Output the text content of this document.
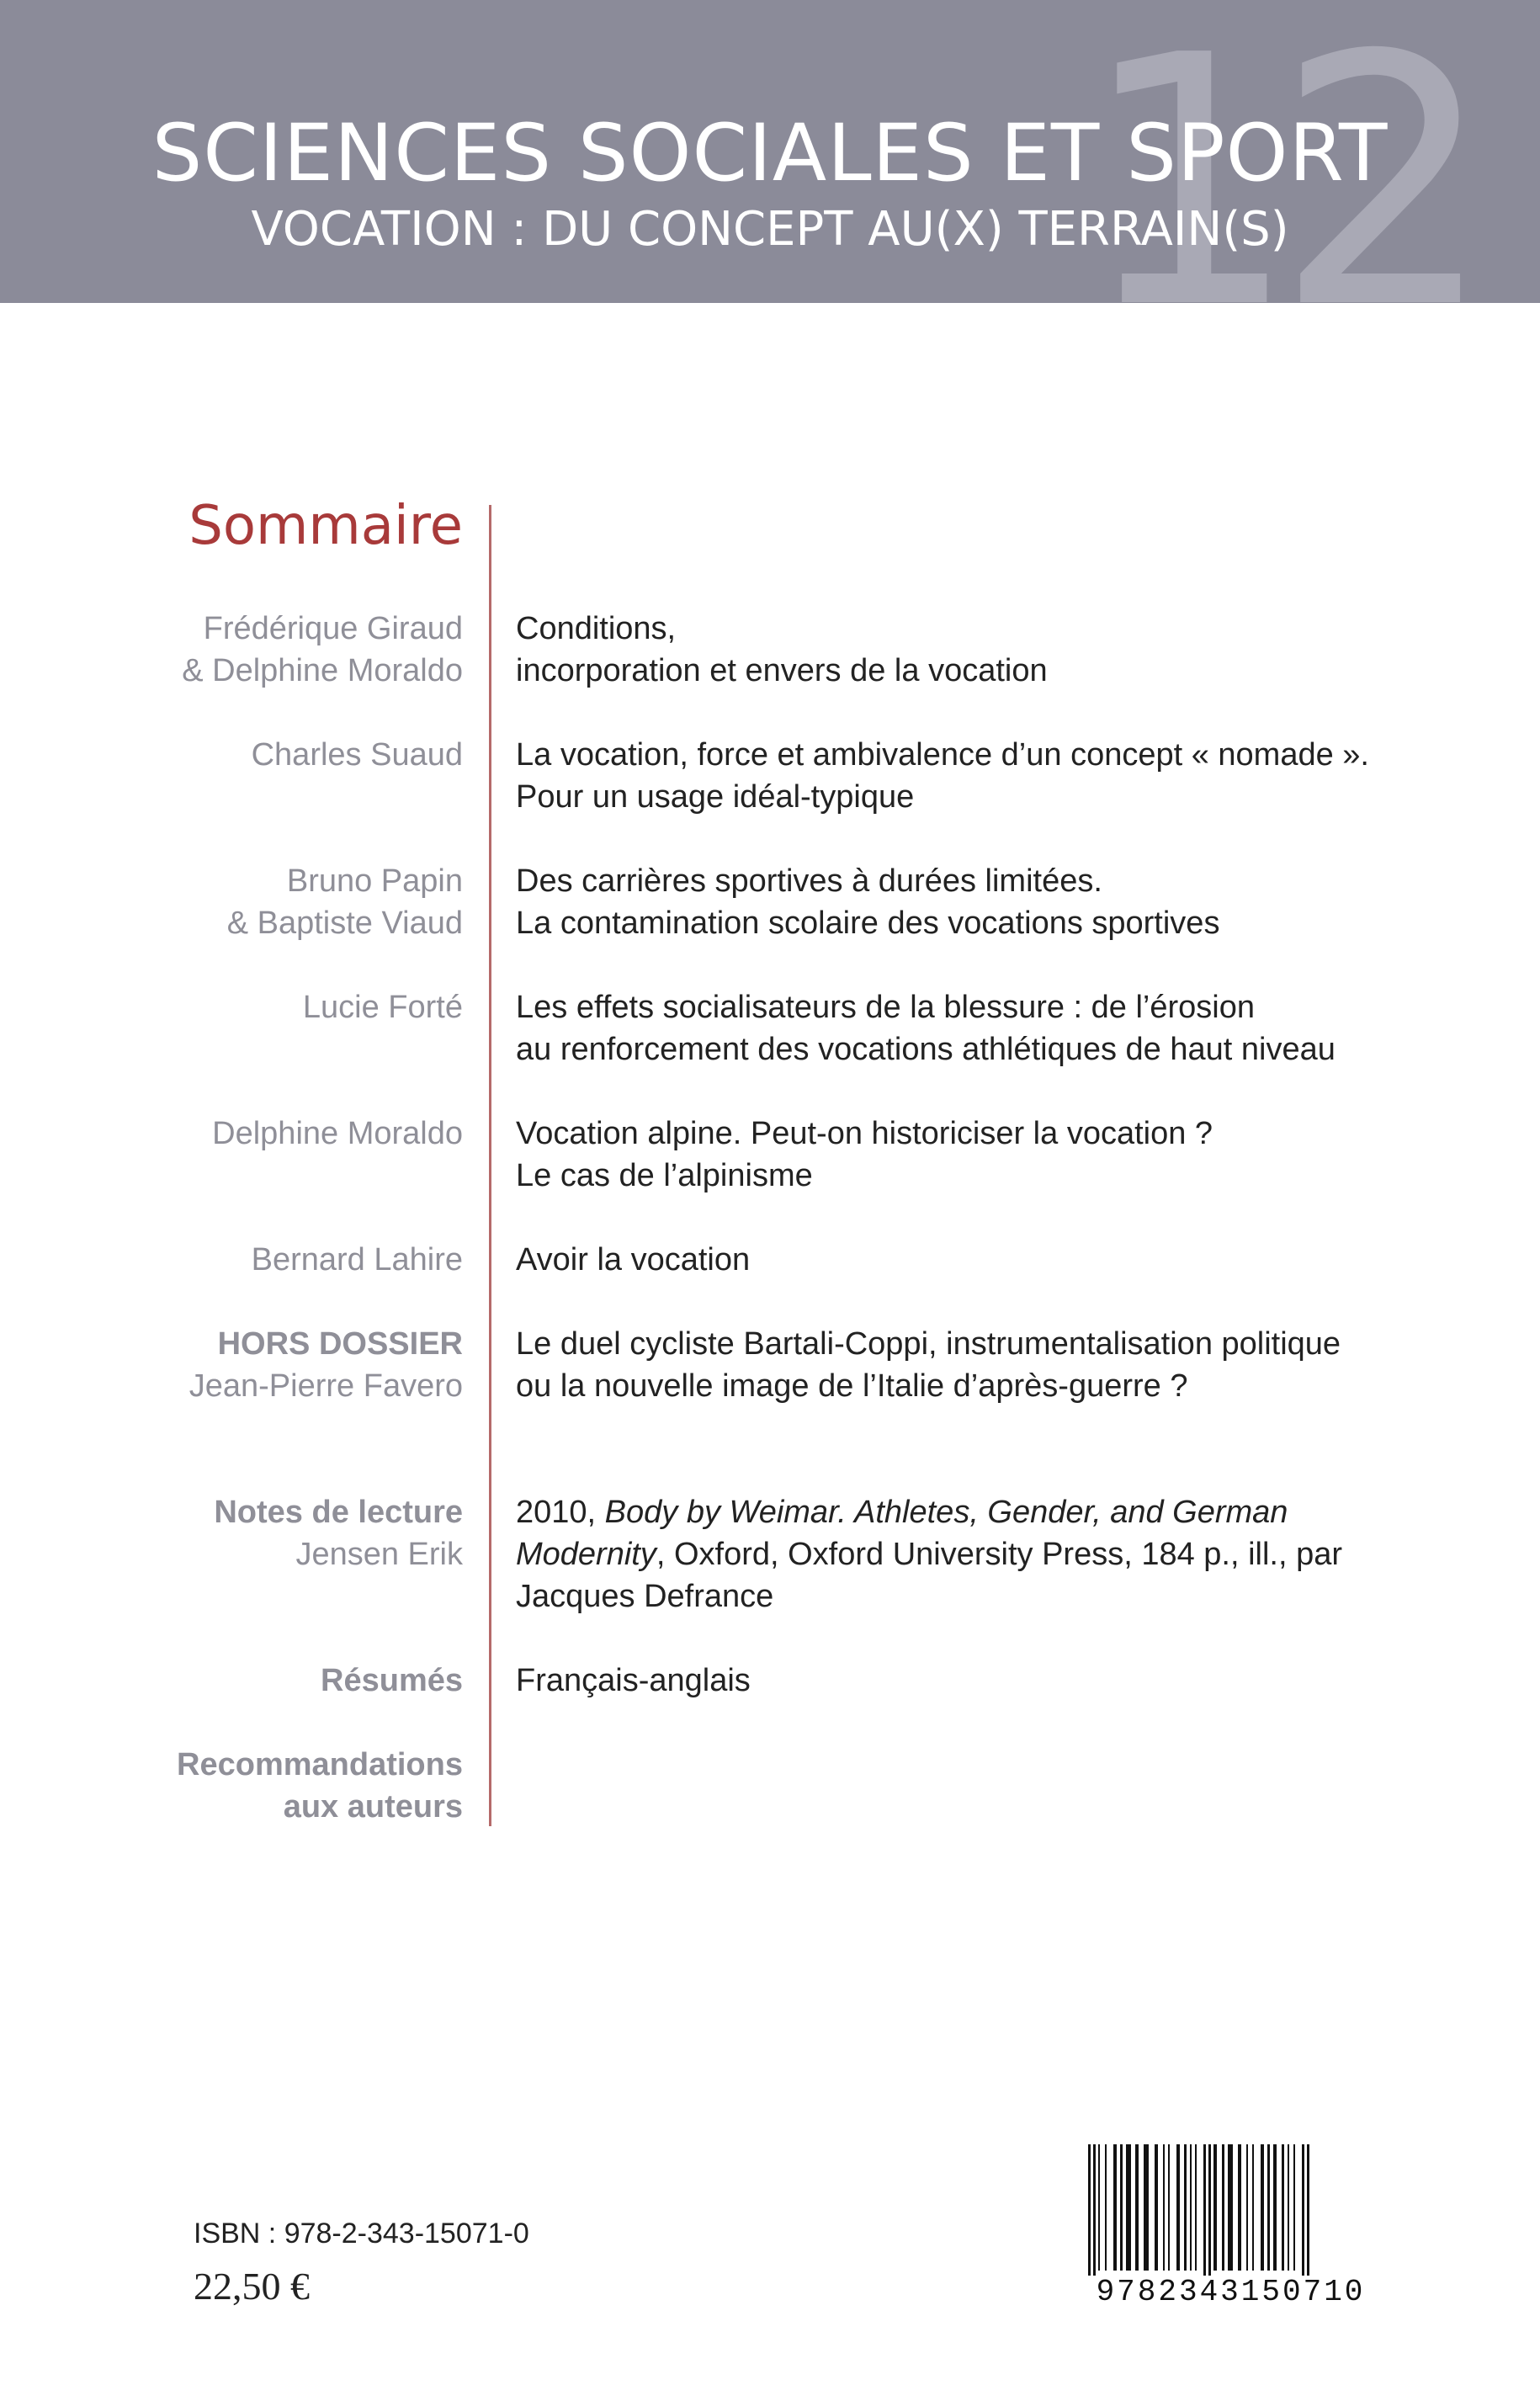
12
SCIENCES SOCIALES ET SPORT
VOCATION : DU CONCEPT AU(X) TERRAIN(S)
Sommaire
Frédérique Giraud
& Delphine Moraldo
Conditions,
incorporation et envers de la vocation
Charles Suaud La vocation, force et ambivalence d’un concept « nomade ».
Pour un usage idéal-typique
Bruno Papin
& Baptiste Viaud
Des carrières sportives à durées limitées.
La contamination scolaire des vocations sportives
Lucie Forté Les effets socialisateurs de la blessure : de l’érosion
au renforcement des vocations athlétiques de haut niveau
Delphine Moraldo Vocation alpine. Peut-on historiciser la vocation ?
Le cas de l’alpinisme
Bernard Lahire Avoir la vocation
HORS DOSSIER
Jean-Pierre Favero
Le duel cycliste Bartali-Coppi, instrumentalisation politique
ou la nouvelle image de l’Italie d’après-guerre ?
Notes de lecture
Jensen Erik
2010, Body by Weimar. Athletes, Gender, and German
Modernity, Oxford, Oxford University Press, 184 p., ill., par
Jacques Defrance
Résumés Français-anglais
Recommandations
aux auteurs
ISBN : 978-2-343-15071-0
22,50 €	9782343150710
